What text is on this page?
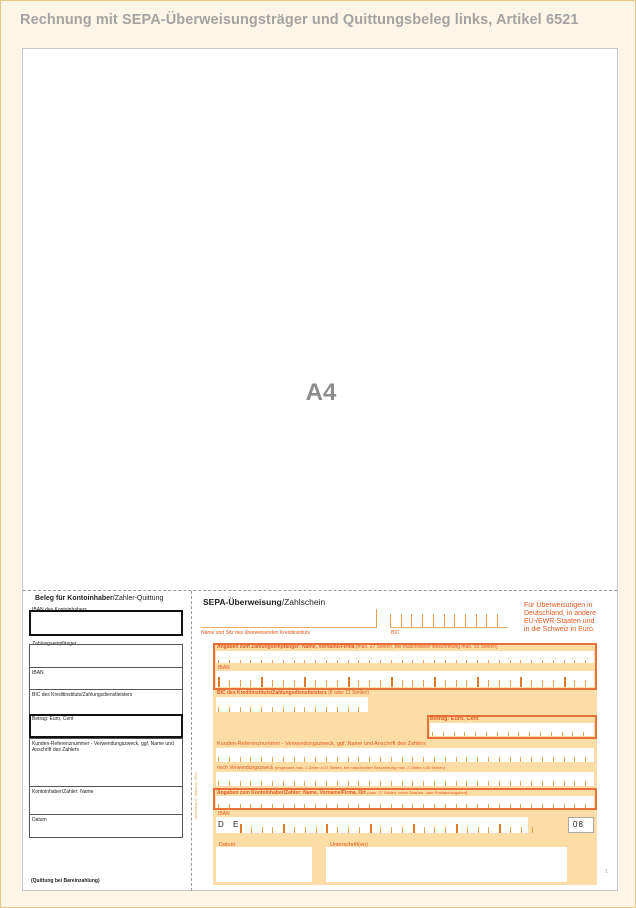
Rechnung mit SEPA-Überweisungsträger und Quittungsbeleg links, Artikel 6521
A4
Beleg für Kontoinhaber/Zahler-Quittung
IBAN des Kontoinhabers
Zahlungsempfänger
IBAN
BIC des Kreditinstituts/Zahlungsdienstleisters
Betrag: Euro, Cent
Kunden-Referenznummer - Verwendungszweck, ggf. Name und Anschrift des Zahlers
Kontoinhaber/Zahler: Name
Datum
(Quittung bei Bareinzahlung)
SEPA-Überweisung/Zahlschein
Name und Sitz des überweisenden Kreditinstituts	BIC
Für Überweisungen in
Deutschland, in andere
EU-/EWR-Staaten und
in die Schweiz in Euro.
Angaben zum Zahlungsempfänger: Name, Vorname/Firma (max. 27 Stellen, bei maschineller Beschriftung max. 35 Stellen)
IBAN
BIC des Kreditinstituts/Zahlungsdienstleisters (8 oder 11 Stellen)
Betrag: Euro, Cent
Kunden-Referenznummer - Verwendungszweck, ggf. Name und Anschrift des Zahlers
noch Verwendungszweck (insgesamt max. 2 Zeilen à 27 Stellen, bei maschineller Beschriftung max. 2 Zeilen à 35 Stellen)
Angaben zum Kontoinhaber/Zahler: Name, Vorname/Firma, Ort (max. 27 Stellen, keine Straßen- oder Postfachangaben)
IBAN
D E	08
Datum	Unterschrift(en)
Abbildung ist - Artikel Nr. 6521
1
